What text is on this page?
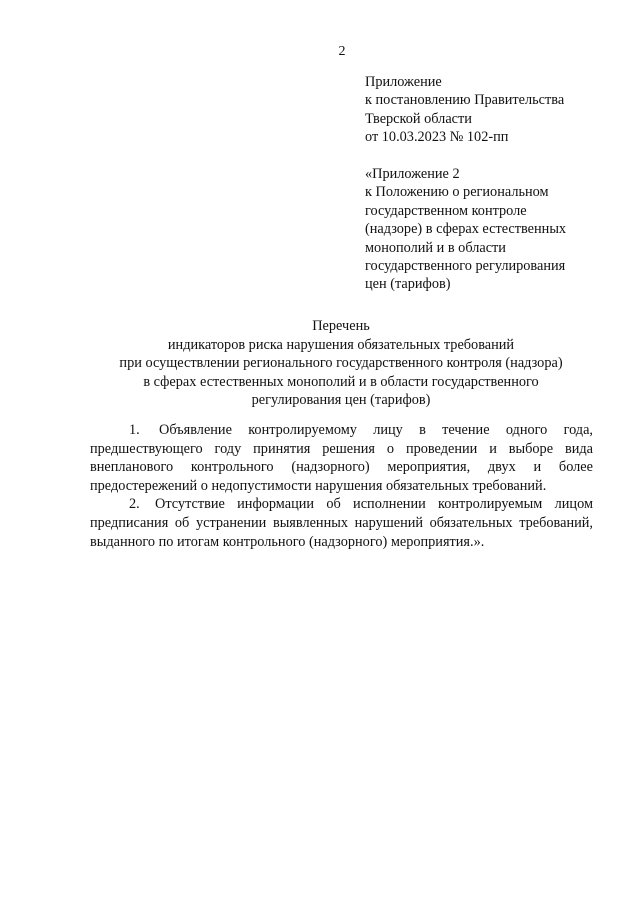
2
Приложение
к постановлению Правительства
Тверской области
от 10.03.2023 № 102-пп
«Приложение 2
к Положению о региональном
государственном контроле
(надзоре) в сферах естественных
монополий и в области
государственного регулирования
цен (тарифов)
Перечень
индикаторов риска нарушения обязательных требований
при осуществлении регионального государственного контроля (надзора)
в сферах естественных монополий и в области государственного
регулирования цен (тарифов)

1. Объявление контролируемому лицу в течение одного года, предшествующего году принятия решения о проведении и выборе вида внепланового контрольного (надзорного) мероприятия, двух и более предостережений о недопустимости нарушения обязательных требований.

2. Отсутствие информации об исполнении контролируемым лицом предписания об устранении выявленных нарушений обязательных требований, выданного по итогам контрольного (надзорного) мероприятия.».
